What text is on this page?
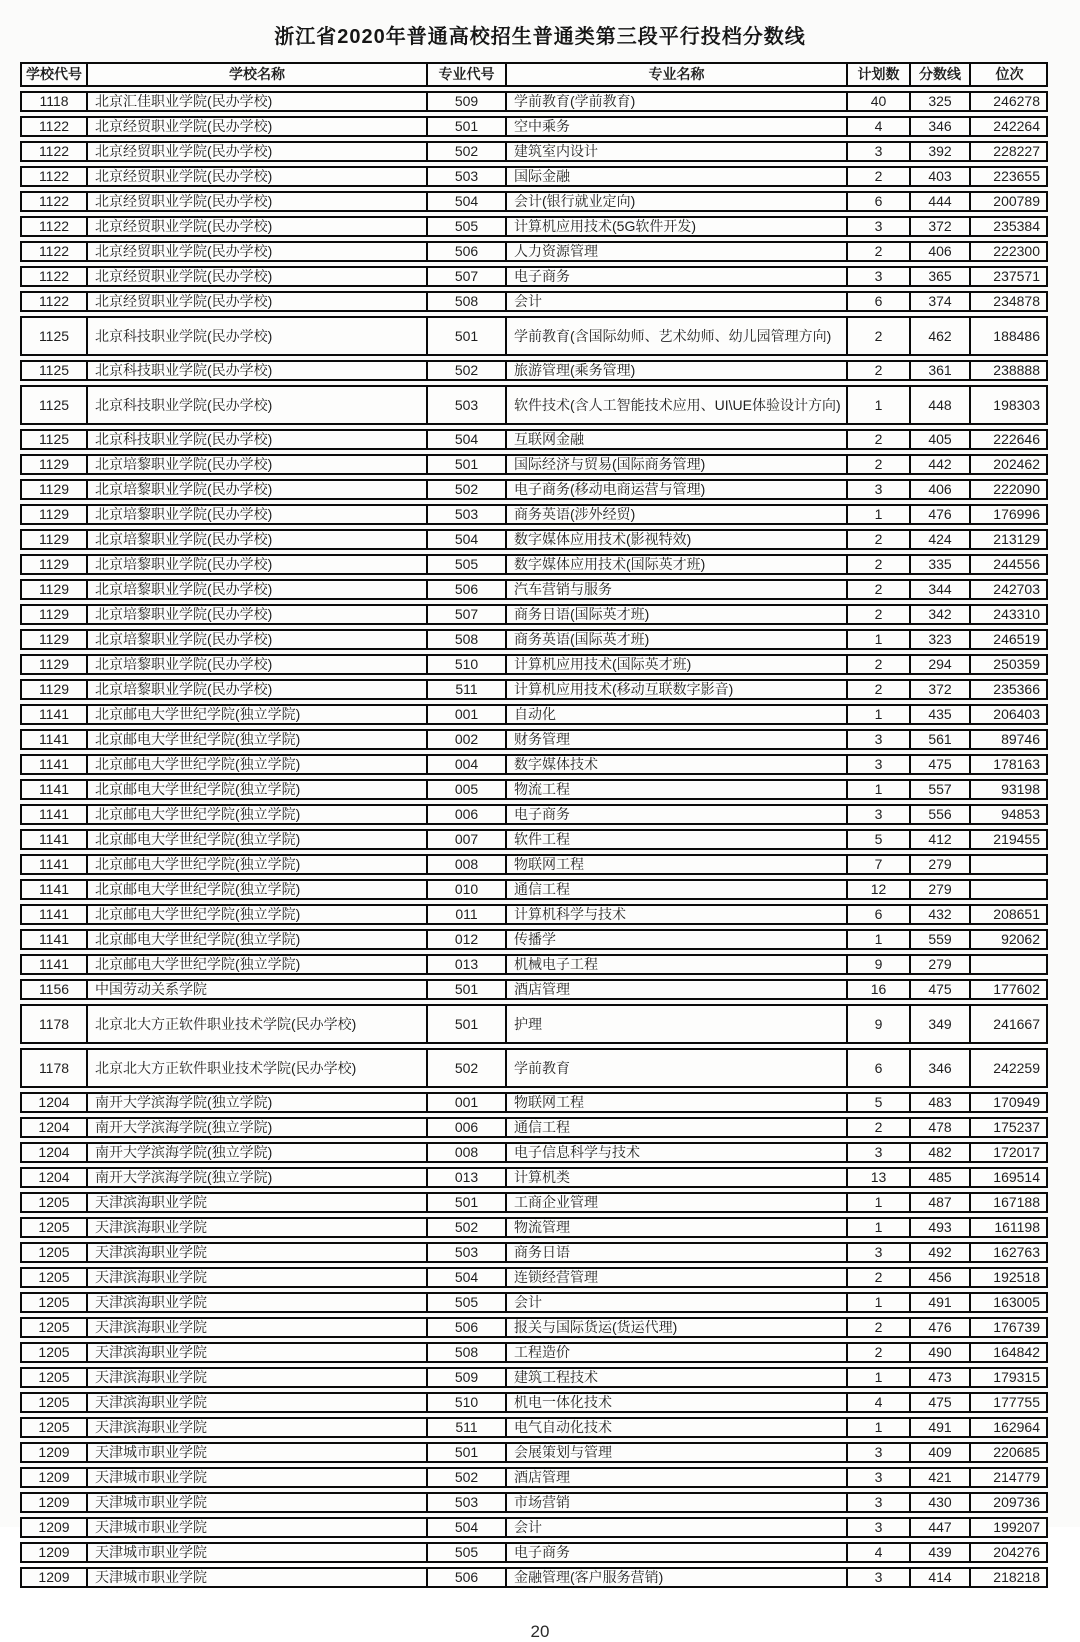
浙江省2020年普通高校招生普通类第三段平行投档分数线
学校代号	学校名称	专业代号	专业名称	计划数	分数线	位次
1118	北京汇佳职业学院(民办学校)	509	学前教育(学前教育)	40	325	246278
1122	北京经贸职业学院(民办学校)	501	空中乘务	4	346	242264
1122	北京经贸职业学院(民办学校)	502	建筑室内设计	3	392	228227
1122	北京经贸职业学院(民办学校)	503	国际金融	2	403	223655
1122	北京经贸职业学院(民办学校)	504	会计(银行就业定向)	6	444	200789
1122	北京经贸职业学院(民办学校)	505	计算机应用技术(5G软件开发)	3	372	235384
1122	北京经贸职业学院(民办学校)	506	人力资源管理	2	406	222300
1122	北京经贸职业学院(民办学校)	507	电子商务	3	365	237571
1122	北京经贸职业学院(民办学校)	508	会计	6	374	234878
1125	北京科技职业学院(民办学校)	501	学前教育(含国际幼师、艺术幼师、幼儿园管理方向)	2	462	188486
1125	北京科技职业学院(民办学校)	502	旅游管理(乘务管理)	2	361	238888
1125	北京科技职业学院(民办学校)	503	软件技术(含人工智能技术应用、UI\UE体验设计方向)	1	448	198303
1125	北京科技职业学院(民办学校)	504	互联网金融	2	405	222646
1129	北京培黎职业学院(民办学校)	501	国际经济与贸易(国际商务管理)	2	442	202462
1129	北京培黎职业学院(民办学校)	502	电子商务(移动电商运营与管理)	3	406	222090
1129	北京培黎职业学院(民办学校)	503	商务英语(涉外经贸)	1	476	176996
1129	北京培黎职业学院(民办学校)	504	数字媒体应用技术(影视特效)	2	424	213129
1129	北京培黎职业学院(民办学校)	505	数字媒体应用技术(国际英才班)	2	335	244556
1129	北京培黎职业学院(民办学校)	506	汽车营销与服务	2	344	242703
1129	北京培黎职业学院(民办学校)	507	商务日语(国际英才班)	2	342	243310
1129	北京培黎职业学院(民办学校)	508	商务英语(国际英才班)	1	323	246519
1129	北京培黎职业学院(民办学校)	510	计算机应用技术(国际英才班)	2	294	250359
1129	北京培黎职业学院(民办学校)	511	计算机应用技术(移动互联数字影音)	2	372	235366
1141	北京邮电大学世纪学院(独立学院)	001	自动化	1	435	206403
1141	北京邮电大学世纪学院(独立学院)	002	财务管理	3	561	89746
1141	北京邮电大学世纪学院(独立学院)	004	数字媒体技术	3	475	178163
1141	北京邮电大学世纪学院(独立学院)	005	物流工程	1	557	93198
1141	北京邮电大学世纪学院(独立学院)	006	电子商务	3	556	94853
1141	北京邮电大学世纪学院(独立学院)	007	软件工程	5	412	219455
1141	北京邮电大学世纪学院(独立学院)	008	物联网工程	7	279
1141	北京邮电大学世纪学院(独立学院)	010	通信工程	12	279
1141	北京邮电大学世纪学院(独立学院)	011	计算机科学与技术	6	432	208651
1141	北京邮电大学世纪学院(独立学院)	012	传播学	1	559	92062
1141	北京邮电大学世纪学院(独立学院)	013	机械电子工程	9	279
1156	中国劳动关系学院	501	酒店管理	16	475	177602
1178	北京北大方正软件职业技术学院(民办学校)	501	护理	9	349	241667
1178	北京北大方正软件职业技术学院(民办学校)	502	学前教育	6	346	242259
1204	南开大学滨海学院(独立学院)	001	物联网工程	5	483	170949
1204	南开大学滨海学院(独立学院)	006	通信工程	2	478	175237
1204	南开大学滨海学院(独立学院)	008	电子信息科学与技术	3	482	172017
1204	南开大学滨海学院(独立学院)	013	计算机类	13	485	169514
1205	天津滨海职业学院	501	工商企业管理	1	487	167188
1205	天津滨海职业学院	502	物流管理	1	493	161198
1205	天津滨海职业学院	503	商务日语	3	492	162763
1205	天津滨海职业学院	504	连锁经营管理	2	456	192518
1205	天津滨海职业学院	505	会计	1	491	163005
1205	天津滨海职业学院	506	报关与国际货运(货运代理)	2	476	176739
1205	天津滨海职业学院	508	工程造价	2	490	164842
1205	天津滨海职业学院	509	建筑工程技术	1	473	179315
1205	天津滨海职业学院	510	机电一体化技术	4	475	177755
1205	天津滨海职业学院	511	电气自动化技术	1	491	162964
1209	天津城市职业学院	501	会展策划与管理	3	409	220685
1209	天津城市职业学院	502	酒店管理	3	421	214779
1209	天津城市职业学院	503	市场营销	3	430	209736
1209	天津城市职业学院	504	会计	3	447	199207
1209	天津城市职业学院	505	电子商务	4	439	204276
1209	天津城市职业学院	506	金融管理(客户服务营销)	3	414	218218
20
